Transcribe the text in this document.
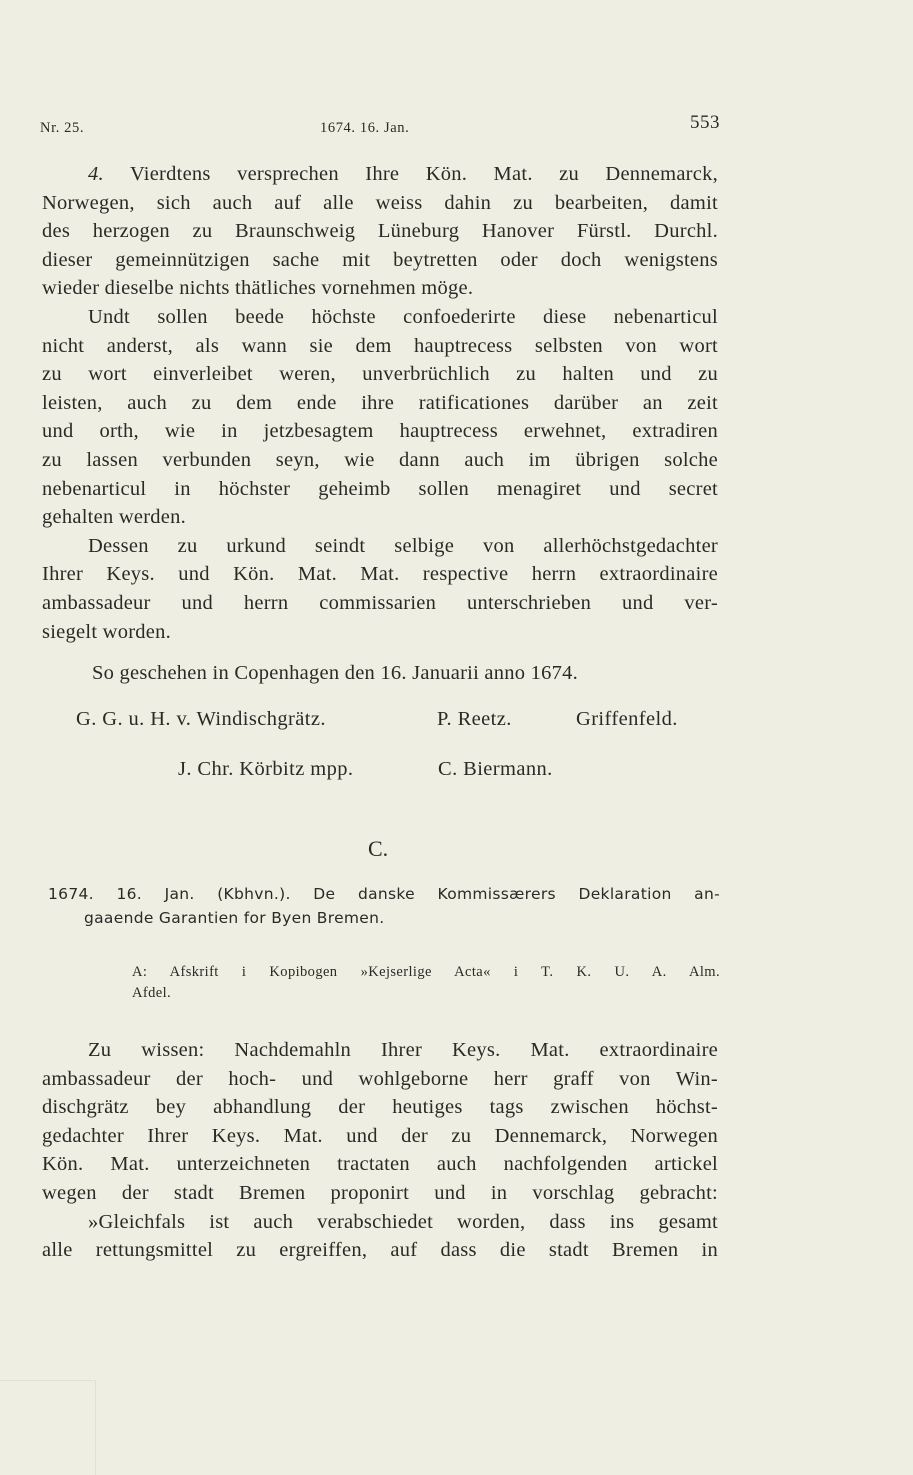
Nr. 25.	1674. 16. Jan.	553

4. Vierdtens versprechen Ihre Kön. Mat. zu Dennemarck,

Norwegen, sich auch auf alle weiss dahin zu bearbeiten, damit

des herzogen zu Braunschweig Lüneburg Hanover Fürstl. Durchl.

dieser gemeinnützigen sache mit beytretten oder doch wenigstens

wieder dieselbe nichts thätliches vornehmen möge.

Undt sollen beede höchste confoederirte diese nebenarticul

nicht anderst, als wann sie dem hauptrecess selbsten von wort

zu wort einverleibet weren, unverbrüchlich zu halten und zu

leisten, auch zu dem ende ihre ratificationes darüber an zeit

und orth, wie in jetzbesagtem hauptrecess erwehnet, extradiren

zu lassen verbunden seyn, wie dann auch im übrigen solche

nebenarticul in höchster geheimb sollen menagiret und secret

gehalten werden.

Dessen zu urkund seindt selbige von allerhöchstgedachter

Ihrer Keys. und Kön. Mat. Mat. respective herrn extraordinaire

ambassadeur und herrn commissarien unterschrieben und ver-

siegelt worden.

So geschehen in Copenhagen den 16. Januarii anno 1674.
G. G. u. H. v. Windischgrätz.	P. Reetz.	Griffenfeld.
J. Chr. Körbitz mpp.	C. Biermann.
C.
1674. 16. Jan. (Kbhvn.). De danske Kommissærers Deklaration an-
gaaende Garantien for Byen Bremen.
A: Afskrift i Kopibogen »Kejserlige Acta« i T. K. U. A. Alm.
Afdel.

Zu wissen: Nachdemahln Ihrer Keys. Mat. extraordinaire

ambassadeur der hoch- und wohlgeborne herr graff von Win-

dischgrätz bey abhandlung der heutiges tags zwischen höchst-

gedachter Ihrer Keys. Mat. und der zu Dennemarck, Norwegen

Kön. Mat. unterzeichneten tractaten auch nachfolgenden artickel

wegen der stadt Bremen proponirt und in vorschlag gebracht:

»Gleichfals ist auch verabschiedet worden, dass ins gesamt

alle rettungsmittel zu ergreiffen, auf dass die stadt Bremen in
